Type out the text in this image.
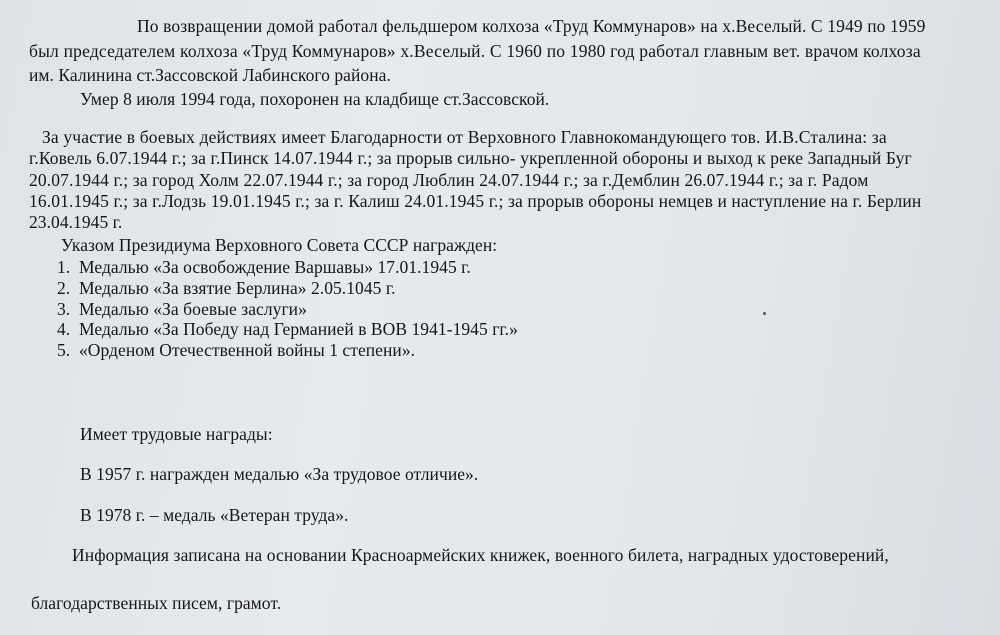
По возвращении домой работал фельдшером колхоза «Труд Коммунаров» на х.Веселый. С 1949 по 1959
был председателем колхоза «Труд Коммунаров» х.Веселый. С 1960 по 1980 год работал главным вет. врачом колхоза
им. Калинина ст.Зассовской Лабинского района.
Умер 8 июля 1994 года, похоронен на кладбище ст.Зассовской.
За участие в боевых действиях имеет Благодарности от Верховного Главнокомандующего тов. И.В.Сталина: за
г.Ковель 6.07.1944 г.; за г.Пинск 14.07.1944 г.; за прорыв сильно- укрепленной обороны и выход к реке Западный Буг
20.07.1944 г.; за город Холм 22.07.1944 г.; за город Люблин 24.07.1944 г.; за г.Демблин 26.07.1944 г.; за г. Радом
16.01.1945 г.; за г.Лодзь 19.01.1945 г.; за г. Калиш 24.01.1945 г.; за прорыв обороны немцев и наступление на г. Берлин
23.04.1945 г.
Указом Президиума Верховного Совета СССР награжден:
1. Медалью «За освобождение Варшавы» 17.01.1945 г.
2. Медалью «За взятие Берлина» 2.05.1045 г.
3. Медалью «За боевые заслуги»
4. Медалью «За Победу над Германией в ВОВ 1941-1945 гг.»
5. «Орденом Отечественной войны 1 степени».
Имеет трудовые награды:
В 1957 г. награжден медалью «За трудовое отличие».
В 1978 г. – медаль «Ветеран труда».
Информация записана на основании Красноармейских книжек, военного билета, наградных удостоверений,
благодарственных писем, грамот.
